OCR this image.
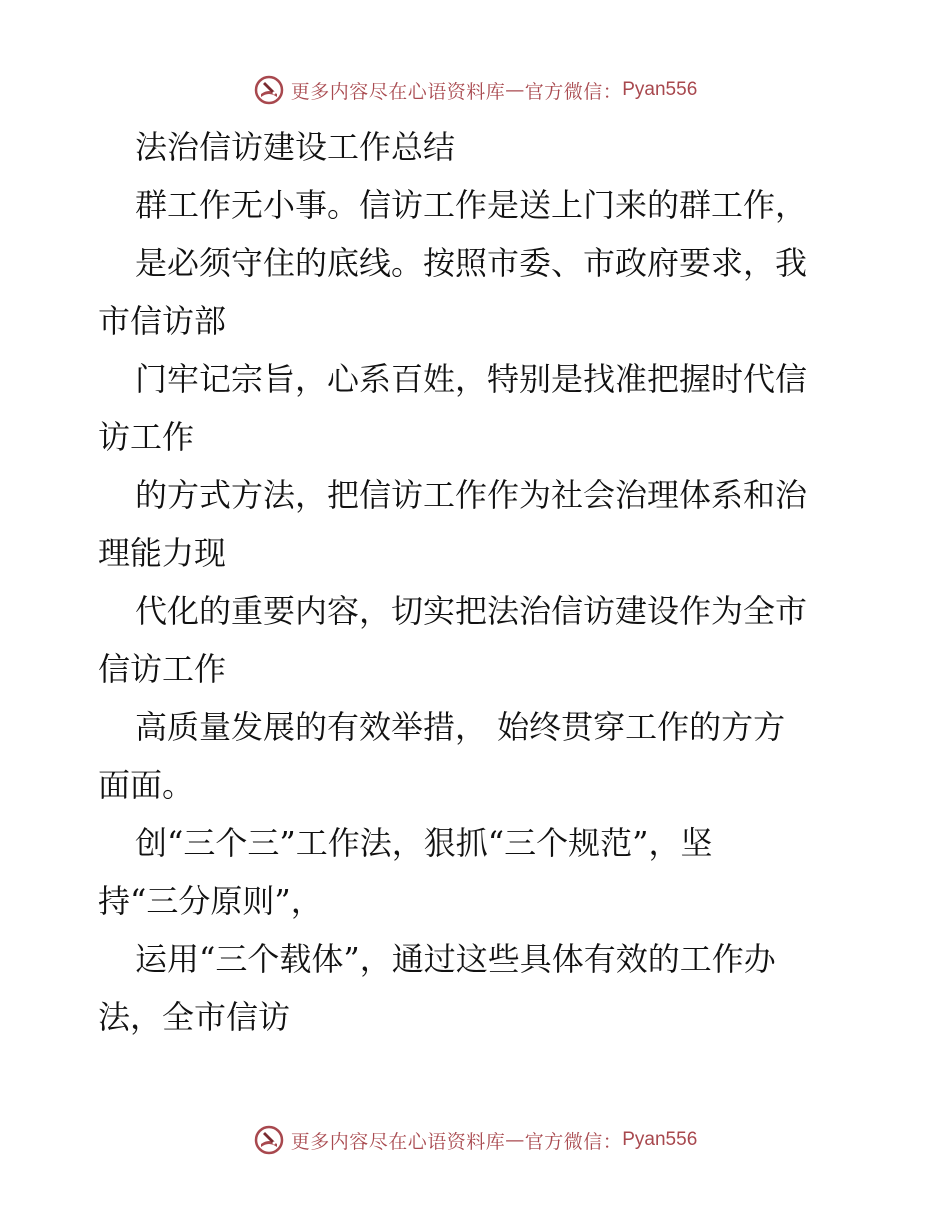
更多内容尽在心语资料库 — 官方微信： Pyan556
法治信访建设工作总结
群工作无小事。信访工作是送上门来的群工作，
是必须守住的底线。按照市委、市政府要求，我
市信访部
门牢记宗旨，心系百姓，特别是找准把握时代信
访工作
的方式方法，把信访工作作为社会治理体系和治
理能力现
代化的重要内容，切实把法治信访建设作为全市
信访工作
高质量发展的有效举措， 始终贯穿工作的方方
面面。
创“三个三”工作法，狠抓“三个规范”，坚
持“三分原则”，
运用“三个载体”，通过这些具体有效的工作办
法，全市信访
更多内容尽在心语资料库 — 官方微信： Pyan556
